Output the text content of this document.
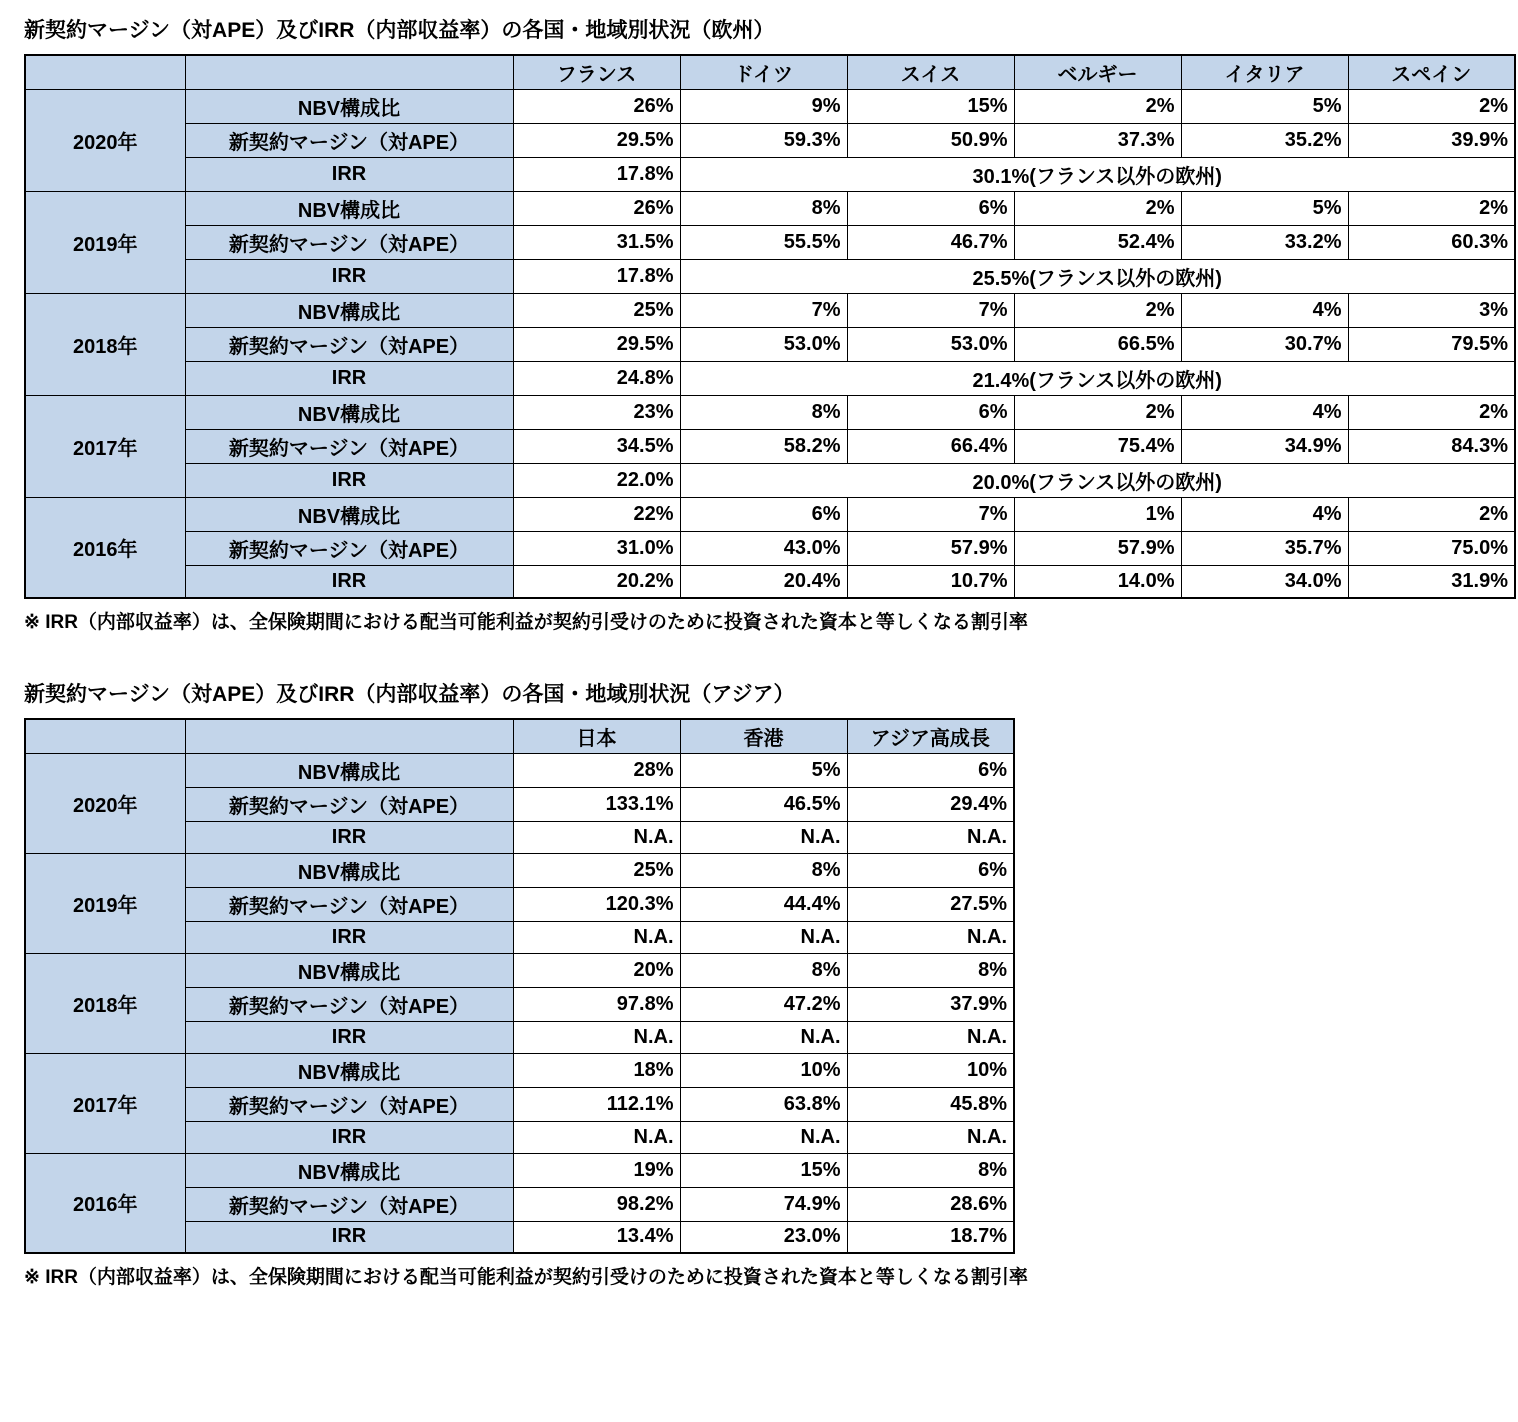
新契約マージン（対APE）及びIRR（内部収益率）の各国・地域別状況（欧州）
		フランス	ドイツ	スイス	ベルギー	イタリア	スペイン
2020年	NBV構成比	26%	9%	15%	2%	5%	2%
	新契約マージン（対APE）	29.5%	59.3%	50.9%	37.3%	35.2%	39.9%
	IRR	17.8%	30.1%(フランス以外の欧州)				
2019年	NBV構成比	26%	8%	6%	2%	5%	2%
	新契約マージン（対APE）	31.5%	55.5%	46.7%	52.4%	33.2%	60.3%
	IRR	17.8%	25.5%(フランス以外の欧州)				
2018年	NBV構成比	25%	7%	7%	2%	4%	3%
	新契約マージン（対APE）	29.5%	53.0%	53.0%	66.5%	30.7%	79.5%
	IRR	24.8%	21.4%(フランス以外の欧州)				
2017年	NBV構成比	23%	8%	6%	2%	4%	2%
	新契約マージン（対APE）	34.5%	58.2%	66.4%	75.4%	34.9%	84.3%
	IRR	22.0%	20.0%(フランス以外の欧州)				
2016年	NBV構成比	22%	6%	7%	1%	4%	2%
	新契約マージン（対APE）	31.0%	43.0%	57.9%	57.9%	35.7%	75.0%
	IRR	20.2%	20.4%	10.7%	14.0%	34.0%	31.9%
※ IRR（内部収益率）は、全保険期間における配当可能利益が契約引受けのために投資された資本と等しくなる割引率
新契約マージン（対APE）及びIRR（内部収益率）の各国・地域別状況（アジア）
		日本	香港	アジア高成長
2020年	NBV構成比	28%	5%	6%
	新契約マージン（対APE）	133.1%	46.5%	29.4%
	IRR	N.A.	N.A.	N.A.
2019年	NBV構成比	25%	8%	6%
	新契約マージン（対APE）	120.3%	44.4%	27.5%
	IRR	N.A.	N.A.	N.A.
2018年	NBV構成比	20%	8%	8%
	新契約マージン（対APE）	97.8%	47.2%	37.9%
	IRR	N.A.	N.A.	N.A.
2017年	NBV構成比	18%	10%	10%
	新契約マージン（対APE）	112.1%	63.8%	45.8%
	IRR	N.A.	N.A.	N.A.
2016年	NBV構成比	19%	15%	8%
	新契約マージン（対APE）	98.2%	74.9%	28.6%
	IRR	13.4%	23.0%	18.7%
※ IRR（内部収益率）は、全保険期間における配当可能利益が契約引受けのために投資された資本と等しくなる割引率
